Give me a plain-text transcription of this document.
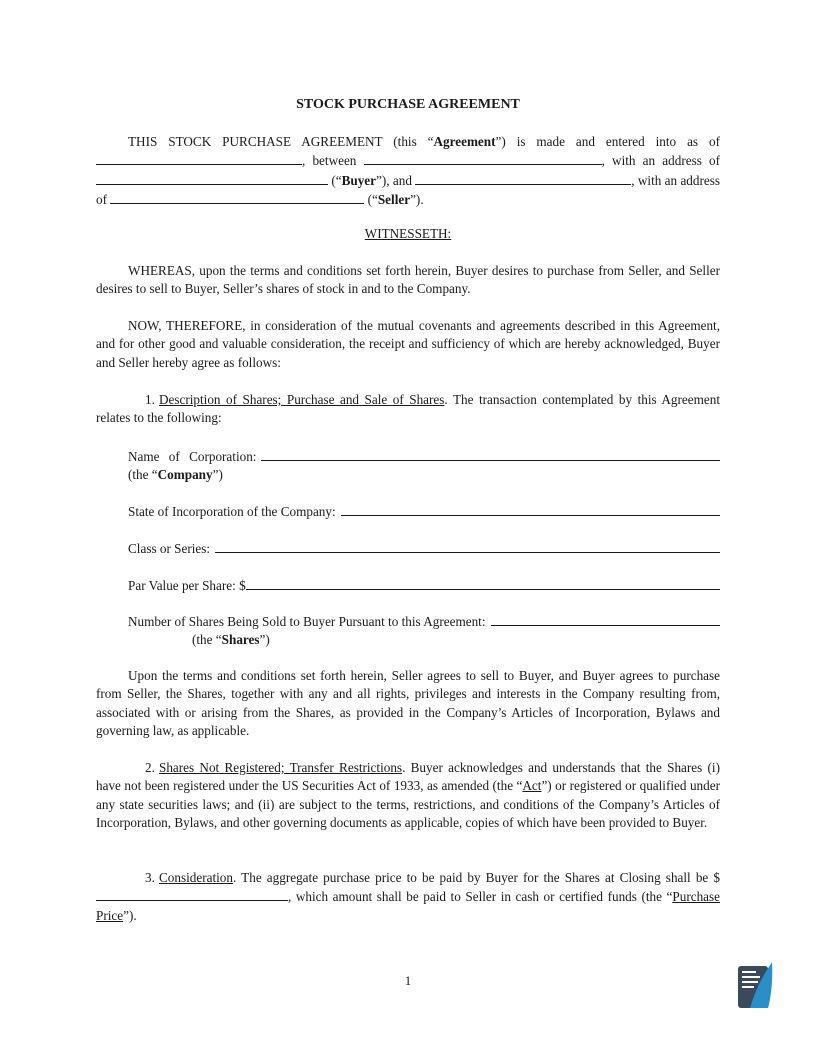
STOCK PURCHASE AGREEMENT
THIS STOCK PURCHASE AGREEMENT (this “Agreement”) is made and entered into as of , between	, with an address of  (“Buyer”), and	, with an address of	(“Seller”).
WITNESSETH:
WHEREAS, upon the terms and conditions set forth herein, Buyer desires to purchase from Seller, and Seller desires to sell to Buyer, Seller’s shares of stock in and to the Company.
NOW, THEREFORE, in consideration of the mutual covenants and agreements described in this Agreement, and for other good and valuable consideration, the receipt and sufficiency of which are hereby acknowledged, Buyer and Seller hereby agree as follows:
1. Description of Shares; Purchase and Sale of Shares. The transaction contemplated by this Agreement relates to the following:
Name of Corporation:
(the “Company”)
State of Incorporation of the Company:
Class or Series:
Par Value per Share: $
Number of Shares Being Sold to Buyer Pursuant to this Agreement:
(the “Shares”)
Upon the terms and conditions set forth herein, Seller agrees to sell to Buyer, and Buyer agrees to purchase from Seller, the Shares, together with any and all rights, privileges and interests in the Company resulting from, associated with or arising from the Shares, as provided in the Company’s Articles of Incorporation, Bylaws and governing law, as applicable.
2. Shares Not Registered; Transfer Restrictions. Buyer acknowledges and understands that the Shares (i) have not been registered under the US Securities Act of 1933, as amended (the “Act”) or registered or qualified under any state securities laws; and (ii) are subject to the terms, restrictions, and conditions of the Company’s Articles of Incorporation, Bylaws, and other governing documents as applicable, copies of which have been provided to Buyer.
3. Consideration. The aggregate purchase price to be paid by Buyer for the Shares at Closing shall be $, which amount shall be paid to Seller in cash or certified funds (the “Purchase Price”).
1
